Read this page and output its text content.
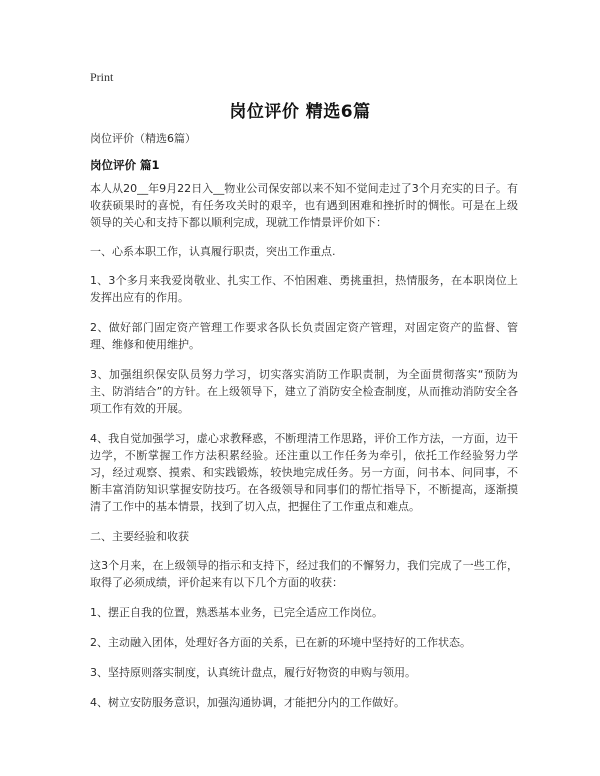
Print
岗位评价 精选6篇

岗位评价（精选6篇）

岗位评价 篇1

本人从20__年9月22日入__物业公司保安部以来不知不觉间走过了3个月充实的日子。有收获硕果时的喜悦，有任务攻关时的艰辛，也有遇到困难和挫折时的惆怅。可是在上级领导的关心和支持下都以顺利完成，现就工作情景评价如下：

一、心系本职工作，认真履行职责，突出工作重点.

1、3个多月来我爱岗敬业、扎实工作、不怕困难、勇挑重担，热情服务，在本职岗位上发挥出应有的作用。

2、做好部门固定资产管理工作要求各队长负责固定资产管理，对固定资产的监督、管理、维修和使用维护。

3、加强组织保安队员努力学习，切实落实消防工作职责制，为全面贯彻落实“预防为主、防消结合”的方针。在上级领导下，建立了消防安全检查制度，从而推动消防安全各项工作有效的开展。

4、我自觉加强学习，虚心求教释惑，不断理清工作思路，评价工作方法，一方面，边干边学，不断掌握工作方法积累经验。还注重以工作任务为牵引，依托工作经验努力学习，经过观察、摸索、和实践锻炼，较快地完成任务。另一方面，问书本、问同事，不断丰富消防知识掌握安防技巧。在各级领导和同事们的帮忙指导下，不断提高，逐渐摸清了工作中的基本情景，找到了切入点，把握住了工作重点和难点。

二、主要经验和收获

这3个月来，在上级领导的指示和支持下，经过我们的不懈努力，我们完成了一些工作，取得了必须成绩，评价起来有以下几个方面的收获：

1、摆正自我的位置，熟悉基本业务，已完全适应工作岗位。

2、主动融入团体，处理好各方面的关系，已在新的环境中坚持好的工作状态。

3、坚持原则落实制度，认真统计盘点，履行好物资的申购与领用。

4、树立安防服务意识，加强沟通协调，才能把分内的工作做好。
